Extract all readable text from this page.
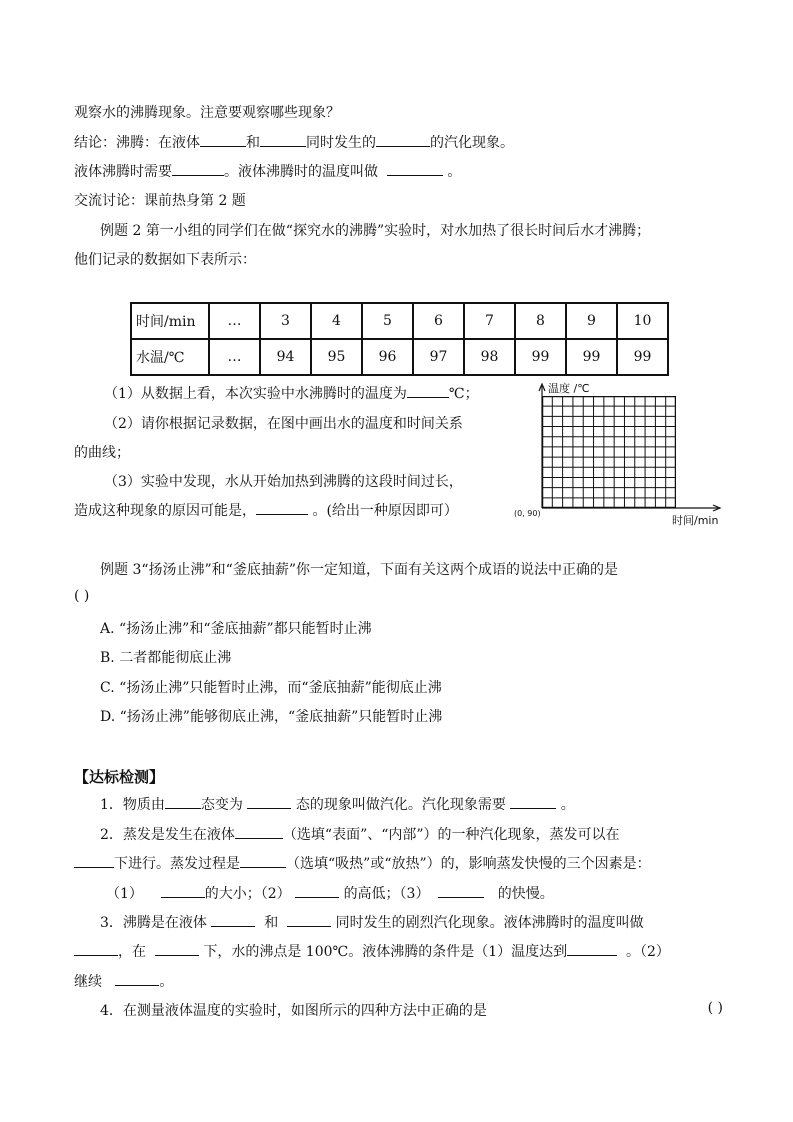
观察水的沸腾现象。注意要观察哪些现象？
结论：沸腾：在液体	和	同时发生的	的汽化现象。
液体沸腾时需要	。液体沸腾时的温度叫做	。
交流讨论：课前热身第 2 题
例题 2 第一小组的同学们在做“探究水的沸腾”实验时，对水加热了很长时间后水才沸腾；
他们记录的数据如下表所示：
时间/min	…	3	4	5	6	7	8	9	10
水温/℃	…	94	95	96	97	98	99	99	99
（1）从数据上看，本次实验中水沸腾时的温度为	℃；
（2）请你根据记录数据，在图中画出水的温度和时间关系
的曲线；
（3）实验中发现，水从开始加热到沸腾的这段时间过长，
造成这种现象的原因可能是，	。(给出一种原因即可）
温度 /℃
(0, 90)
时间/min
例题 3“扬汤止沸”和“釜底抽薪”你一定知道，下面有关这两个成语的说法中正确的是
( )
A. “扬汤止沸”和“釜底抽薪”都只能暂时止沸
B. 二者都能彻底止沸
C. “扬汤止沸”只能暂时止沸，而“釜底抽薪”能彻底止沸
D. “扬汤止沸”能够彻底止沸，“釜底抽薪”只能暂时止沸
【达标检测】
1．物质由	态变为	态的现象叫做汽化。汽化现象需要	。
2．蒸发是发生在液体	（选填“表面”、“内部”）的一种汽化现象，蒸发可以在
下进行。蒸发过程是	（选填“吸热”或“放热”）的，影响蒸发快慢的三个因素是：
（1）	的大小；（2）	的高低；（3）	的快慢。
3．沸腾是在液体	和	同时发生的剧烈汽化现象。液体沸腾时的温度叫做
，在	下，水的沸点是 100℃。液体沸腾的条件是（1）温度达到	。（2）
继续	。
4．在测量液体温度的实验时，如图所示的四种方法中正确的是	( )
